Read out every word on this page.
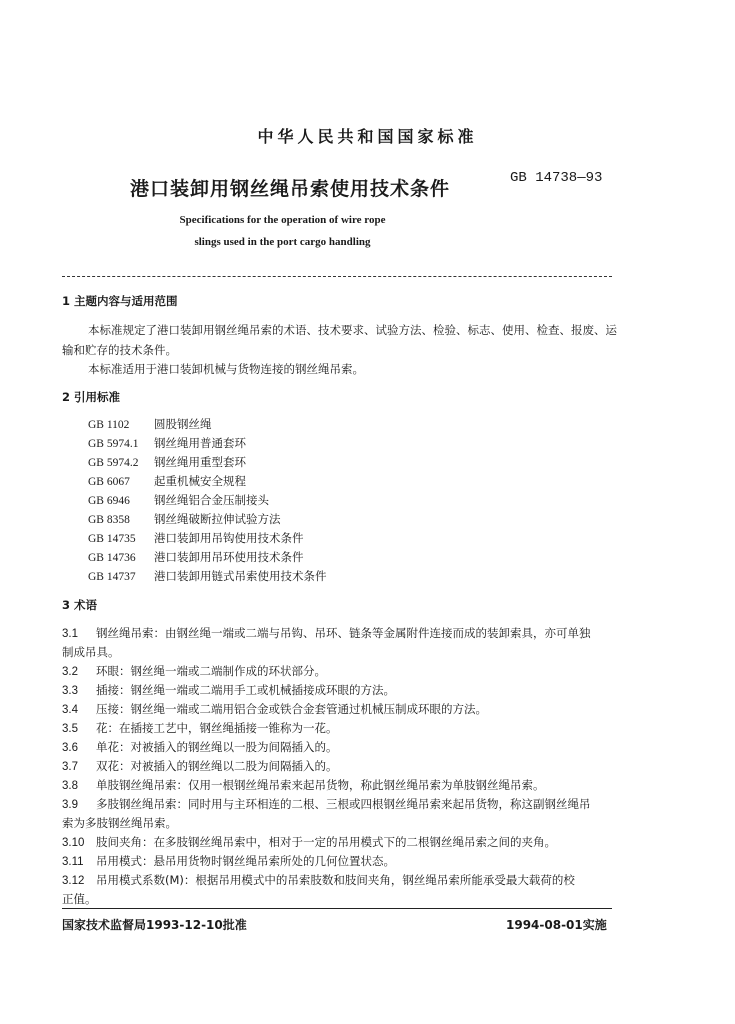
中华人民共和国国家标准
港口装卸用钢丝绳吊索使用技术条件	GB 14738—93
Specifications for the operation of wire rope
slings used in the port cargo handling
1 主题内容与适用范围
本标准规定了港口装卸用钢丝绳吊索的术语、技术要求、试验方法、检验、标志、使用、检查、报废、运
输和贮存的技术条件。
本标准适用于港口装卸机械与货物连接的钢丝绳吊索。
2 引用标准
GB 1102 圆股钢丝绳
GB 5974.1 钢丝绳用普通套环
GB 5974.2 钢丝绳用重型套环
GB 6067 起重机械安全规程
GB 6946 钢丝绳铝合金压制接头
GB 8358 钢丝绳破断拉伸试验方法
GB 14735 港口装卸用吊钩使用技术条件
GB 14736 港口装卸用吊环使用技术条件
GB 14737 港口装卸用链式吊索使用技术条件
3 术语
3.1 钢丝绳吊索：由钢丝绳一端或二端与吊钩、吊环、链条等金属附件连接而成的装卸索具，亦可单独
制成吊具。
3.2 环眼：钢丝绳一端或二端制作成的环状部分。
3.3 插接：钢丝绳一端或二端用手工或机械插接成环眼的方法。
3.4 压接：钢丝绳一端或二端用铝合金或铁合金套管通过机械压制成环眼的方法。
3.5 花：在插接工艺中，钢丝绳插接一锥称为一花。
3.6 单花：对被插入的钢丝绳以一股为间隔插入的。
3.7 双花：对被插入的钢丝绳以二股为间隔插入的。
3.8 单肢钢丝绳吊索：仅用一根钢丝绳吊索来起吊货物，称此钢丝绳吊索为单肢钢丝绳吊索。
3.9 多肢钢丝绳吊索：同时用与主环相连的二根、三根或四根钢丝绳吊索来起吊货物，称这副钢丝绳吊
索为多肢钢丝绳吊索。
3.10 肢间夹角：在多肢钢丝绳吊索中，相对于一定的吊用模式下的二根钢丝绳吊索之间的夹角。
3.11 吊用模式：悬吊用货物时钢丝绳吊索所处的几何位置状态。
3.12 吊用模式系数(M)：根据吊用模式中的吊索肢数和肢间夹角，钢丝绳吊索所能承受最大载荷的校
正值。
国家技术监督局1993-12-10批准	1994-08-01实施
